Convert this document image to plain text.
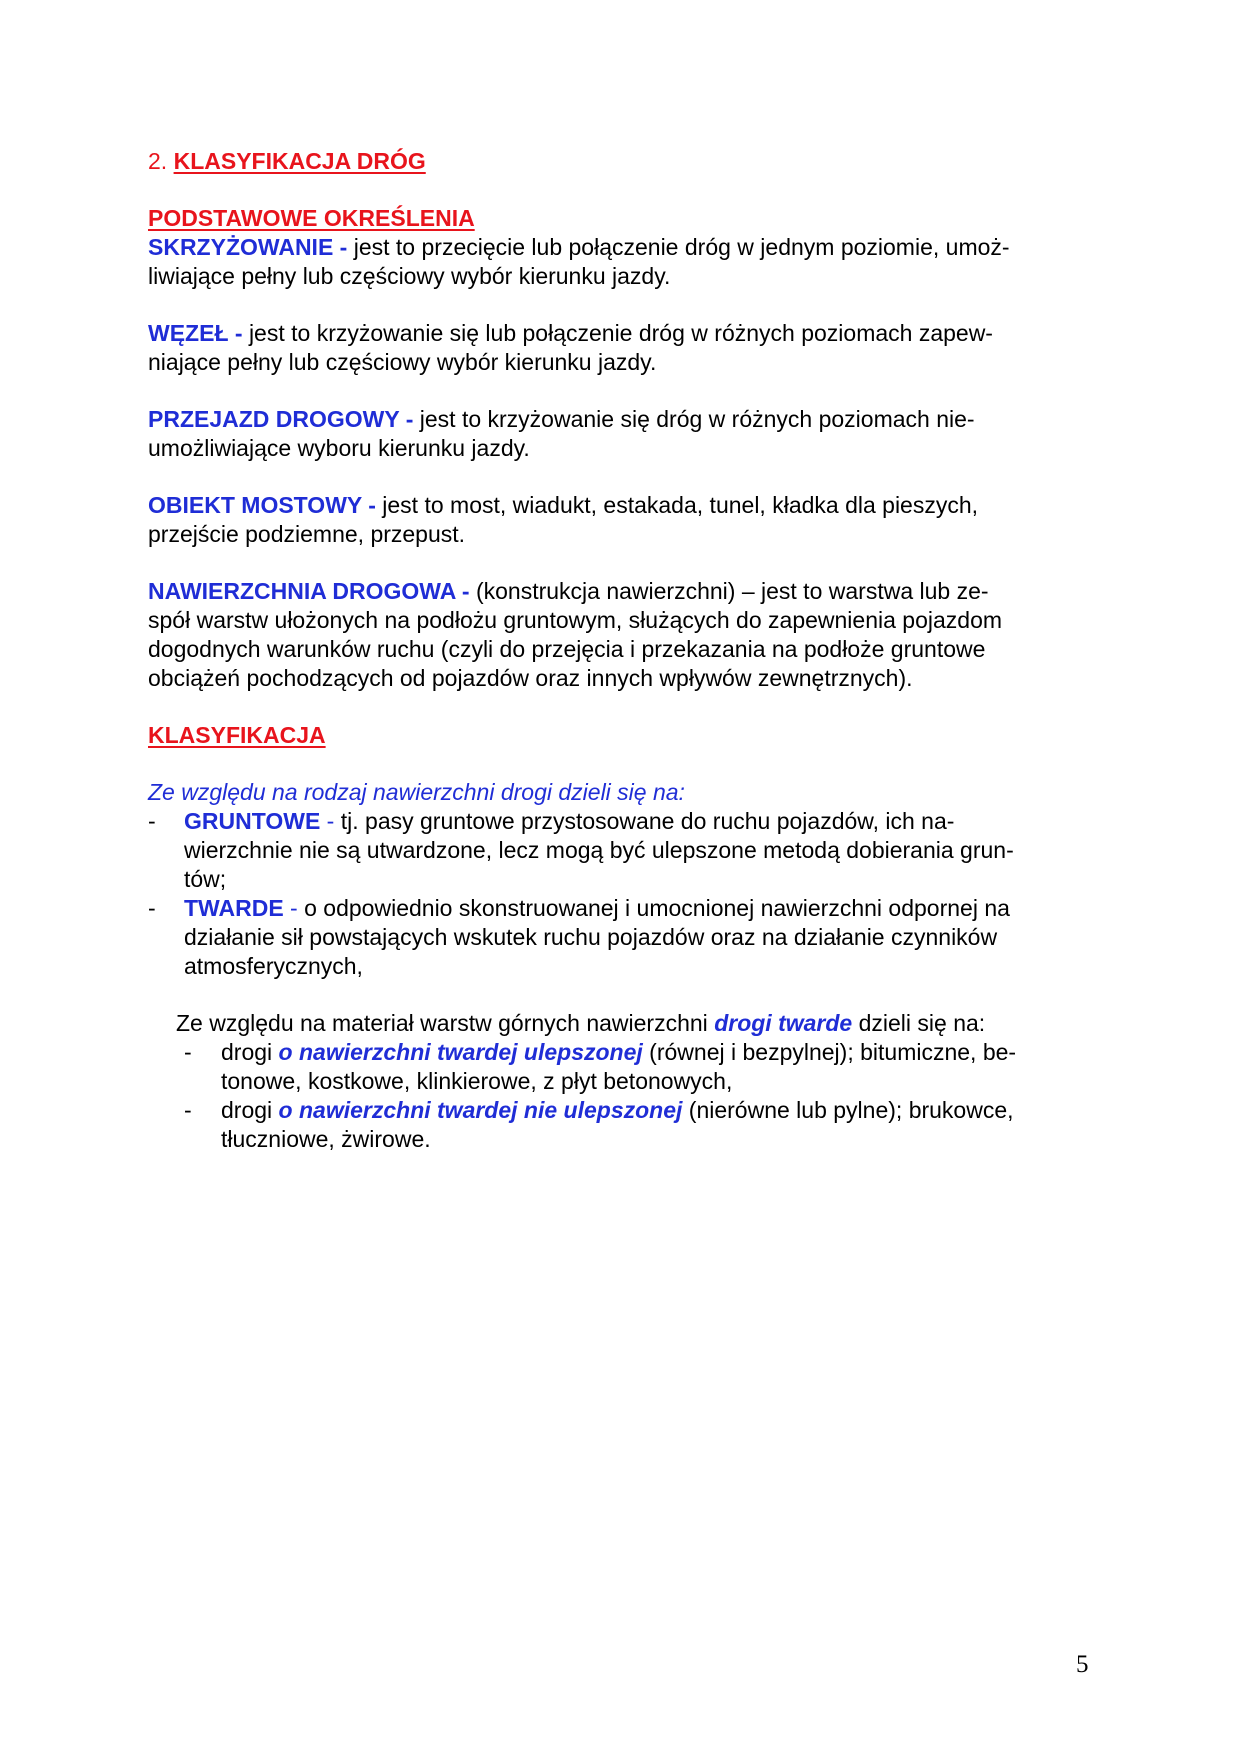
2. KLASYFIKACJA DRÓG
PODSTAWOWE OKREŚLENIA
SKRZYŻOWANIE - jest to przecięcie lub połączenie dróg w jednym poziomie, umoż-
liwiające pełny lub częściowy wybór kierunku jazdy.
WĘZEŁ - jest to krzyżowanie się lub połączenie dróg w różnych poziomach zapew-
niające pełny lub częściowy wybór kierunku jazdy.
PRZEJAZD DROGOWY - jest to krzyżowanie się dróg w różnych poziomach nie-
umożliwiające wyboru kierunku jazdy.
OBIEKT MOSTOWY - jest to most, wiadukt, estakada, tunel, kładka dla pieszych,
przejście podziemne, przepust.
NAWIERZCHNIA DROGOWA - (konstrukcja nawierzchni) – jest to warstwa lub ze-
spół warstw ułożonych na podłożu gruntowym, służących do zapewnienia pojazdom
dogodnych warunków ruchu (czyli do przejęcia i przekazania na podłoże gruntowe
obciążeń pochodzących od pojazdów oraz innych wpływów zewnętrznych).
KLASYFIKACJA
Ze względu na rodzaj nawierzchni drogi dzieli się na:
- GRUNTOWE - tj. pasy gruntowe przystosowane do ruchu pojazdów, ich na-
wierzchnie nie są utwardzone, lecz mogą być ulepszone metodą dobierania grun-
tów;
- TWARDE - o odpowiednio skonstruowanej i umocnionej nawierzchni odpornej na
działanie sił powstających wskutek ruchu pojazdów oraz na działanie czynników
atmosferycznych,
Ze względu na materiał warstw górnych nawierzchni drogi twarde dzieli się na:
- drogi o nawierzchni twardej ulepszonej (równej i bezpylnej); bitumiczne, be-
tonowe, kostkowe, klinkierowe, z płyt betonowych,
- drogi o nawierzchni twardej nie ulepszonej (nierówne lub pylne); brukowce,
tłuczniowe, żwirowe.
5
